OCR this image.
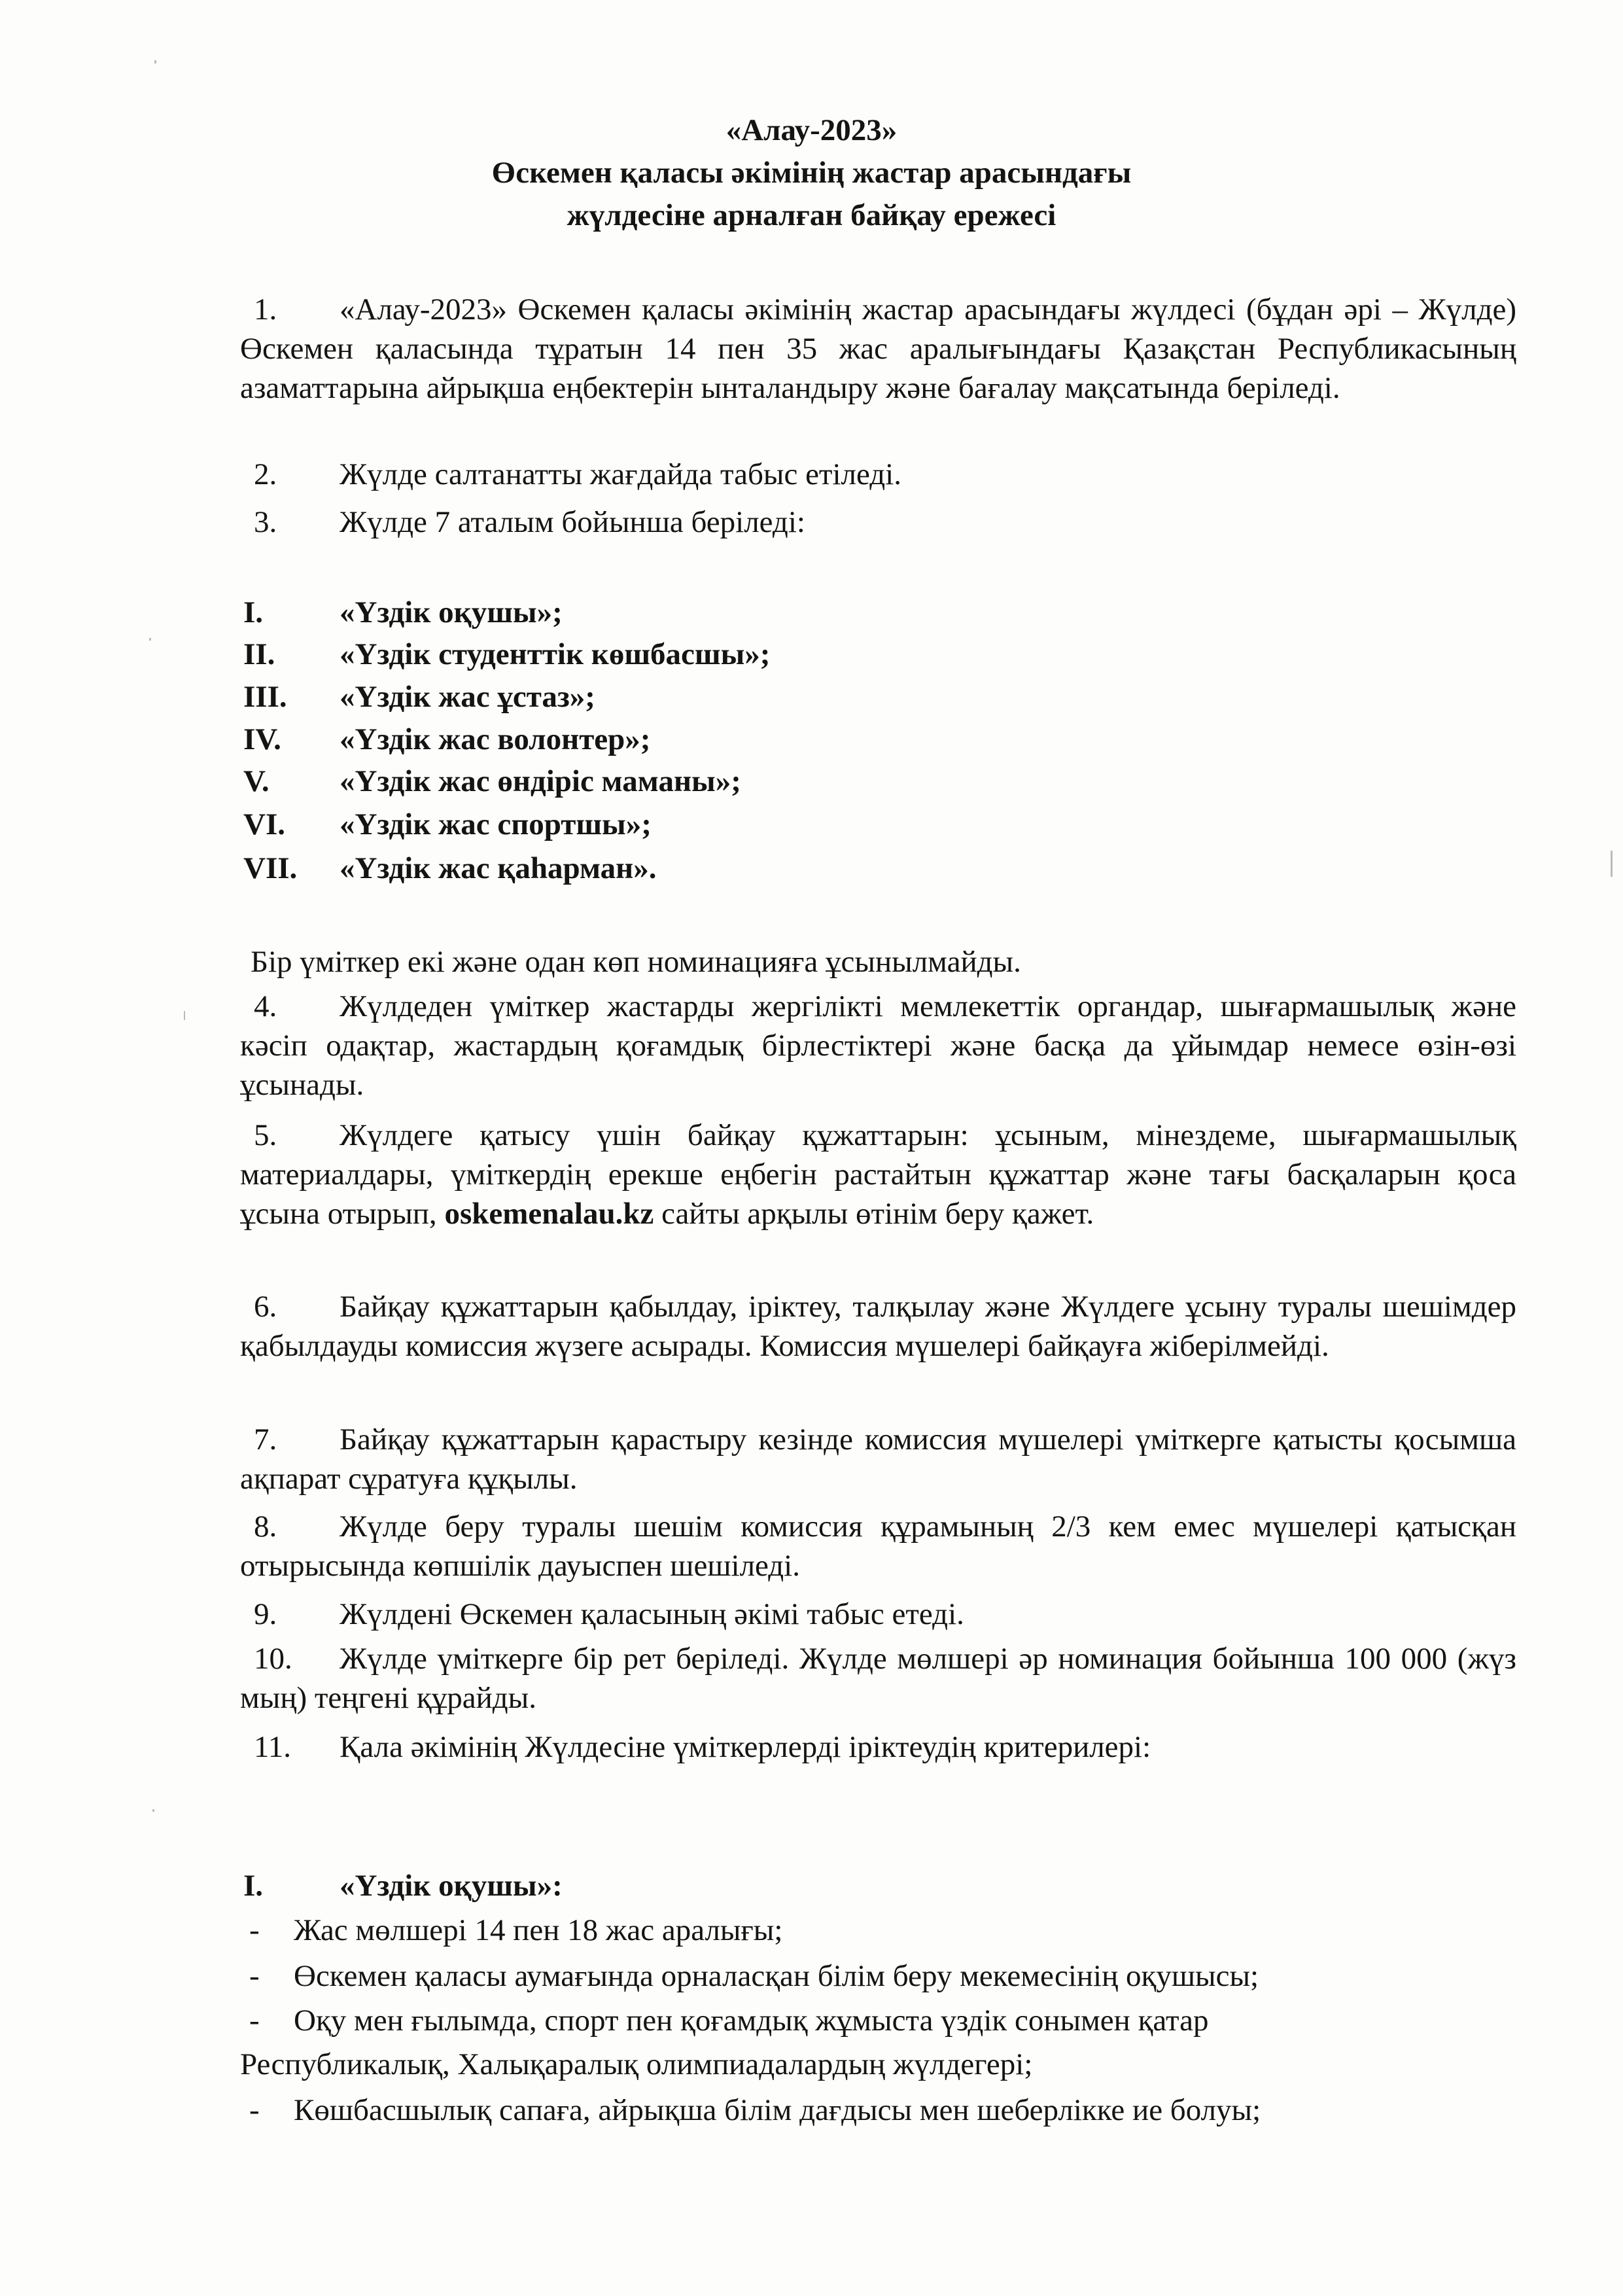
«Алау-2023»
Өскемен қаласы әкімінің жастар арасындағы
жүлдесіне арналған байқау ережесі
1.	«Алау-2023» Өскемен қаласы әкімінің жастар арасындағы жүлдесі (бұдан әрі – Жүлде) Өскемен қаласында тұратын 14 пен 35 жас аралығындағы Қазақстан Республикасының азаматтарына айрықша еңбектерін ынталандыру және бағалау мақсатында беріледі.
2. Жүлде салтанатты жағдайда табыс етіледі.
3. Жүлде 7 аталым бойынша беріледі:
I. «Үздік оқушы»;
II. «Үздік студенттік көшбасшы»;
III. «Үздік жас ұстаз»;
IV. «Үздік жас волонтер»;
V. «Үздік жас өндіріс маманы»;
VI. «Үздік жас спортшы»;
VII. «Үздік жас қаһарман».
Бір үміткер екі және одан көп номинацияға ұсынылмайды.
4.	Жүлдеден үміткер жастарды жергілікті мемлекеттік органдар, шығармашылық және кәсіп одақтар, жастардың қоғамдық бірлестіктері және басқа да ұйымдар немесе өзін-өзі ұсынады.
5.	Жүлдеге қатысу үшін байқау құжаттарын: ұсыным, мінездеме, шығармашылық материалдары, үміткердің ерекше еңбегін растайтын құжаттар және тағы басқаларын қоса ұсына отырып, oskemenalau.kz сайты арқылы өтінім беру қажет.
6.	Байқау құжаттарын қабылдау, іріктеу, талқылау және Жүлдеге ұсыну туралы шешімдер қабылдауды комиссия жүзеге асырады. Комиссия мүшелері байқауға жіберілмейді.
7.	Байқау құжаттарын қарастыру кезінде комиссия мүшелері үміткерге қатысты қосымша ақпарат сұратуға құқылы.
8.	Жүлде беру туралы шешім комиссия құрамының 2/3 кем емес мүшелері қатысқан отырысында көпшілік дауыспен шешіледі.
9. Жүлдені Өскемен қаласының әкімі табыс етеді.
10.	Жүлде үміткерге бір рет беріледі. Жүлде мөлшері әр номинация бойынша 100 000 (жүз мың) теңгені құрайды.
11. Қала әкімінің Жүлдесіне үміткерлерді іріктеудің критерилері:
I. «Үздік оқушы»:
- Жас мөлшері 14 пен 18 жас аралығы;
- Өскемен қаласы аумағында орналасқан білім беру мекемесінің оқушысы;
- Оқу мен ғылымда, спорт пен қоғамдық жұмыста үздік сонымен қатар
Республикалық, Халықаралық олимпиадалардың жүлдегері;
- Көшбасшылық сапаға, айрықша білім дағдысы мен шеберлікке ие болуы;
